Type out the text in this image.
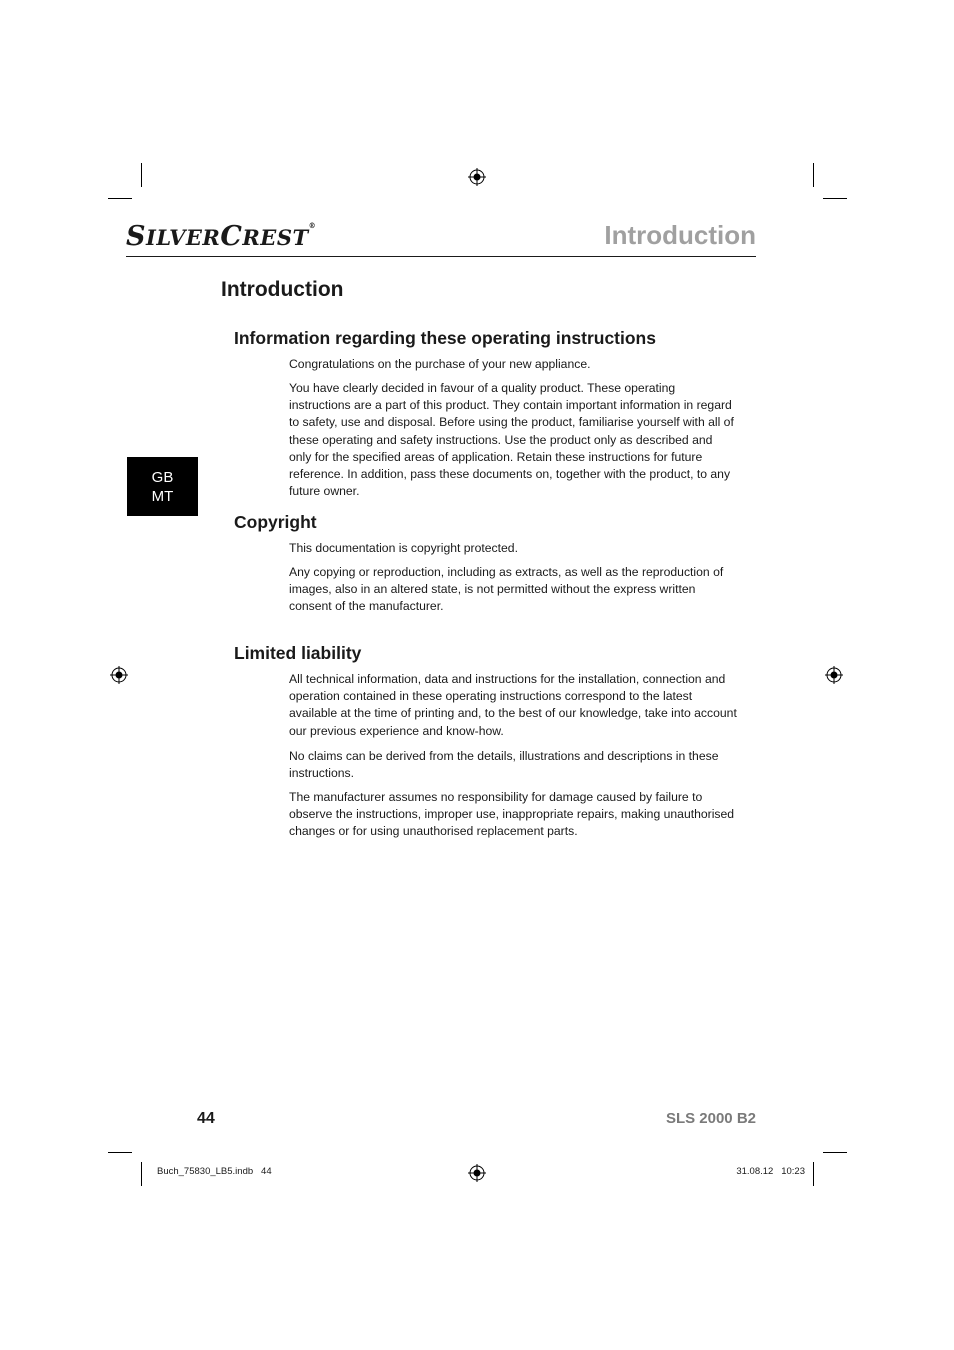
SILVERCREST®	Introduction
GB
MT
Introduction
Information regarding these operating instructions

Congratulations on the purchase of your new appliance.

You have clearly decided in favour of a quality product. These operating instructions are a part of this product. They contain important information in regard to safety, use and disposal. Before using the product, familiarise yourself with all of these operating and safety instructions. Use the product only as described and only for the specified areas of application. Retain these instructions for future reference. In addition, pass these documents on, together with the product, to any future owner.

Copyright

This documentation is copyright protected.

Any copying or reproduction, including as extracts, as well as the reproduction of images, also in an altered state, is not permitted without the express written consent of the manufacturer.

Limited liability

All technical information, data and instructions for the installation, connection and operation contained in these operating instructions correspond to the latest available at the time of printing and, to the best of our knowledge, take into account our previous experience and know-how.

No claims can be derived from the details, illustrations and descriptions in these instructions.

The manufacturer assumes no responsibility for damage caused by failure to observe the instructions, improper use, inappropriate repairs, making unauthorised changes or for using unauthorised replacement parts.

44	SLS 2000 B2
Buch_75830_LB5.indb   44	31.08.12   10:23
